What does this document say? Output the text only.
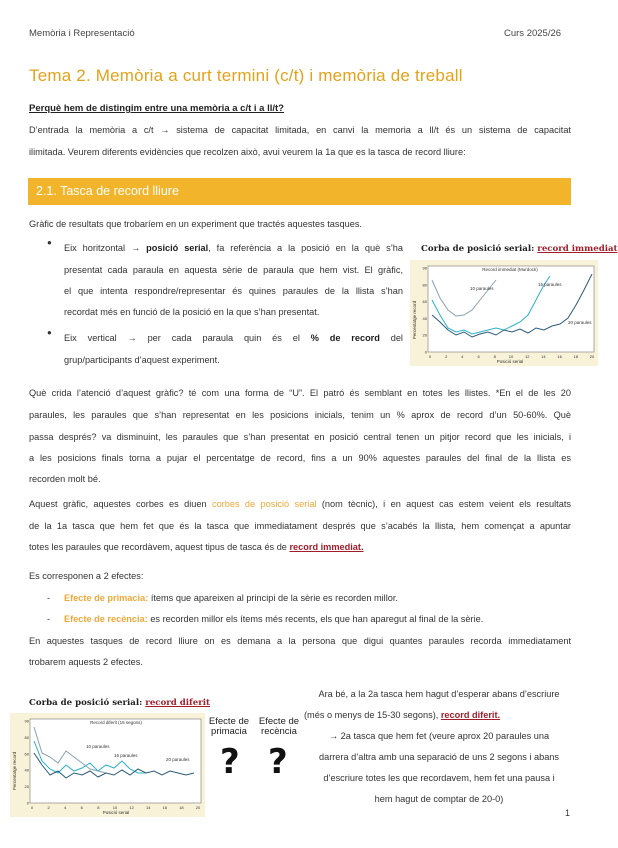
Memòria i Representació	Curs 2025/26
Tema 2. Memòria a curt termini (c/t) i memòria de treball
Perquè hem de distingim entre una memòria a c/t i a ll/t?
D’entrada la memòria a c/t → sistema de capacitat limitada, en canvi la memoria a ll/t és un sistema de capacitat
ilimitada. Veurem diferents evidències que recolzen això, avui veurem la 1a que es la tasca de record lliure:
2.1. Tasca de record lliure
Gràfic de resultats que trobaríem en un experiment que tractés aquestes tasques.
●
Eix horitzontal → posició serial, fa referència a la posició en la què s’ha
presentat cada paraula en aquesta sèrie de paraula que hem vist. El gràfic,
el que intenta respondre/representar és quines paraules de la llista s’han
recordat més en funció de la posició en la que s’han presentat.
●
Eix vertical → per cada paraula quin és el % de record del
grup/participants d’aquest experiment.
Corba de posició serial: record immediat
Record immediat (Murdock)
Percentatge record
Posició serial
0	2	4	6	8	10	12	14	16	18	20
0
20
40
60
80
90
10 paraules
15 paraules
20 paraules
Què crida l’atenció d’aquest gràfic? té com una forma de “U”. El patró és semblant en totes les llistes. *En el de les 20
paraules, les paraules que s’han representat en les posicions inicials, tenim un % aprox de record d’un 50-60%. Què
passa després? va disminuint, les paraules que s’han presentat en posició central tenen un pitjor record que les inicials, i
a les posicions finals torna a pujar el percentatge de record, fins a un 90% aquestes paraules del final de la llista es
recorden molt bé.
Aquest gràfic, aquestes corbes es diuen corbes de posició serial (nom tècnic), i en aquest cas estem veient els resultats
de la 1a tasca que hem fet que és la tasca que immediatament després que s’acabés la llista, hem començat a apuntar
totes les paraules que recordàvem, aquest tipus de tasca és de record immediat.
Es corresponen a 2 efectes:
- Efecte de primacia: ítems que apareixen al principi de la sèrie es recorden millor.
- Efecte de recència: es recorden millor els ítems més recents, els que han aparegut al final de la sèrie.
En aquestes tasques de record lliure on es demana a la persona que digui quantes paraules recorda immediatament
trobarem aquests 2 efectes.
Corba de posició serial: record diferit
Record diferit (15 segons)
Percentatge record
Posició serial
0	2	4	6	8	10	12	14	16	18	20
0
20
40
60
80
90
10 paraules
15 paraules
20 paraules
Efecte de
primacia
?
Efecte de
recència
?
Ara bé, a la 2a tasca hem hagut d’esperar abans d’escriure
(més o menys de 15-30 segons), record diferit.
→ 2a tasca que hem fet (veure aprox 20 paraules una
darrera d’altra amb una separació de uns 2 segons i abans
d’escriure totes les que recordavem, hem fet una pausa i
hem hagut de comptar de 20-0)
1
